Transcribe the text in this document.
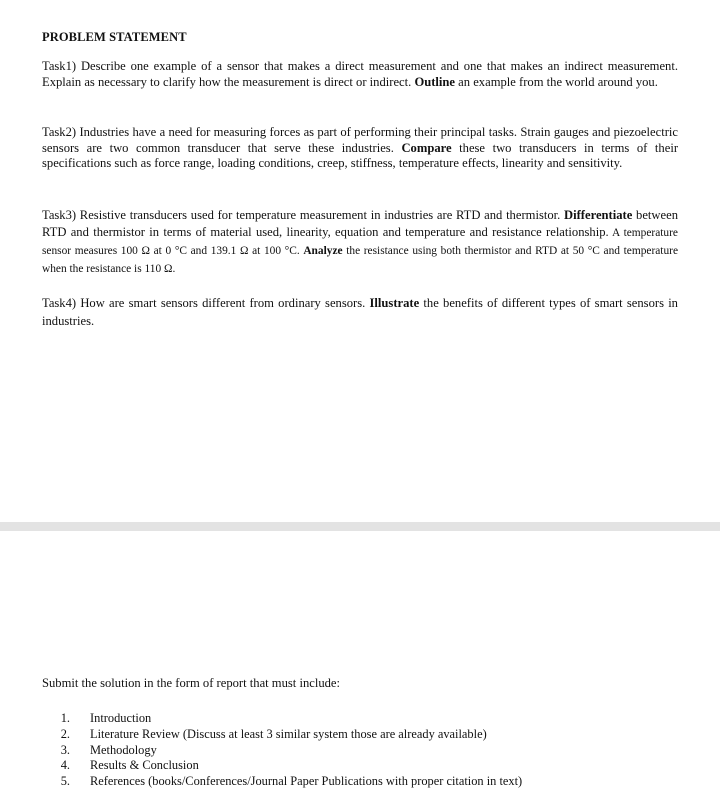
PROBLEM STATEMENT
Task1) Describe one example of a sensor that makes a direct measurement and one that makes an indirect measurement. Explain as necessary to clarify how the measurement is direct or indirect. Outline an example from the world around you.
Task2) Industries have a need for measuring forces as part of performing their principal tasks. Strain gauges and piezoelectric sensors are two common transducer that serve these industries. Compare these two transducers in terms of their specifications such as force range, loading conditions, creep, stiffness, temperature effects, linearity and sensitivity.
Task3) Resistive transducers used for temperature measurement in industries are RTD and thermistor. Differentiate between RTD and thermistor in terms of material used, linearity, equation and temperature and resistance relationship. A temperature sensor measures 100 Ω at 0 °C and 139.1 Ω at 100 °C. Analyze the resistance using both thermistor and RTD at 50 °C and temperature when the resistance is 110 Ω.
Task4) How are smart sensors different from ordinary sensors. Illustrate the benefits of different types of smart sensors in industries.
Submit the solution in the form of report that must include:
1. Introduction
2. Literature Review (Discuss at least 3 similar system those are already available)
3. Methodology
4. Results & Conclusion
5. References (books/Conferences/Journal Paper Publications with proper citation in text)
